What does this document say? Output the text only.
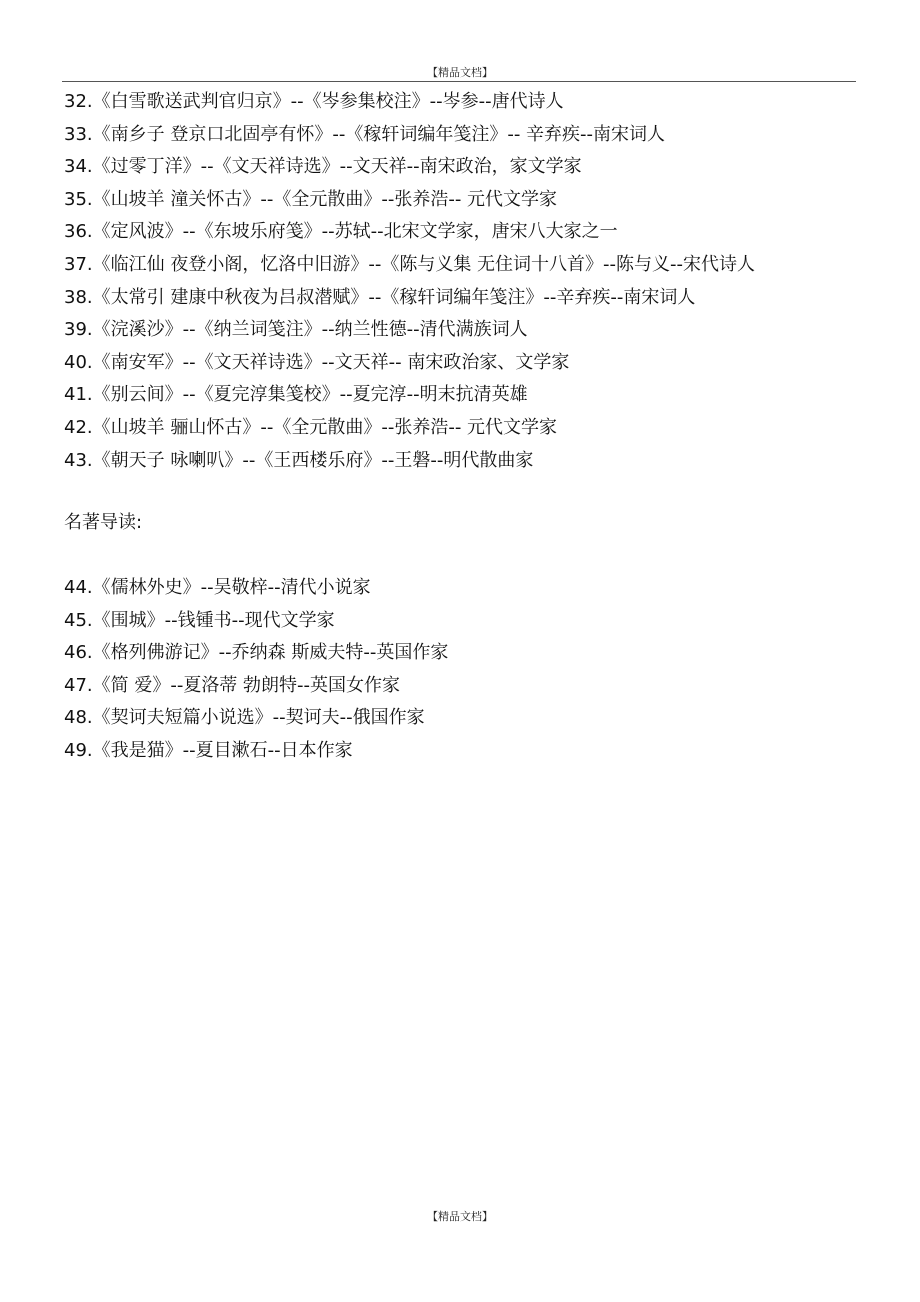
【精品文档】
32.《白雪歌送武判官归京》--《岑参集校注》--岑参--唐代诗人
33.《南乡子 登京口北固亭有怀》--《稼轩词编年笺注》-- 辛弃疾--南宋词人
34.《过零丁洋》--《文天祥诗选》--文天祥--南宋政治，家文学家
35.《山坡羊 潼关怀古》--《全元散曲》--张养浩-- 元代文学家
36.《定风波》--《东坡乐府笺》--苏轼--北宋文学家，唐宋八大家之一
37.《临江仙 夜登小阁，忆洛中旧游》--《陈与义集 无住词十八首》--陈与义--宋代诗人
38.《太常引 建康中秋夜为吕叔潜赋》--《稼轩词编年笺注》--辛弃疾--南宋词人
39.《浣溪沙》--《纳兰词笺注》--纳兰性德--清代满族词人
40.《南安军》--《文天祥诗选》--文天祥-- 南宋政治家、文学家
41.《别云间》--《夏完淳集笺校》--夏完淳--明末抗清英雄
42.《山坡羊 骊山怀古》--《全元散曲》--张养浩-- 元代文学家
43.《朝天子 咏喇叭》--《王西楼乐府》--王磐--明代散曲家
名著导读:
44.《儒林外史》--吴敬梓--清代小说家
45.《围城》--钱锺书--现代文学家
46.《格列佛游记》--乔纳森 斯威夫特--英国作家
47.《简 爱》--夏洛蒂 勃朗特--英国女作家
48.《契诃夫短篇小说选》--契诃夫--俄国作家
49.《我是猫》--夏目漱石--日本作家
【精品文档】
